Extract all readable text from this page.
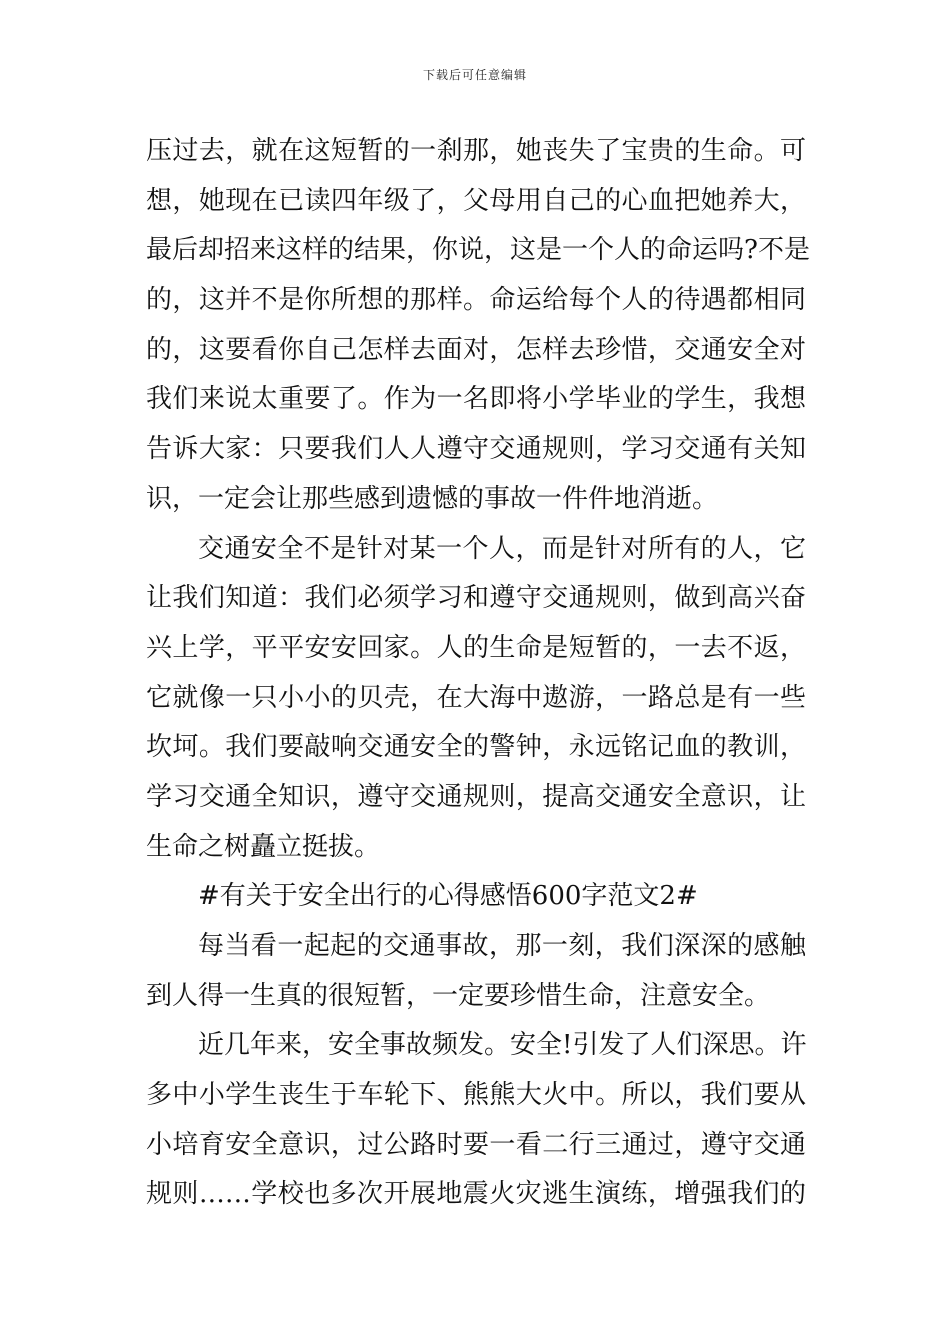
下载后可任意编辑
压过去，就在这短暂的一刹那，她丧失了宝贵的生命。可
想，她现在已读四年级了，父母用自己的心血把她养大，
最后却招来这样的结果，你说，这是一个人的命运吗?不是
的，这并不是你所想的那样。命运给每个人的待遇都相同
的，这要看你自己怎样去面对，怎样去珍惜，交通安全对
我们来说太重要了。作为一名即将小学毕业的学生，我想
告诉大家：只要我们人人遵守交通规则，学习交通有关知
识，一定会让那些感到遗憾的事故一件件地消逝。
交通安全不是针对某一个人，而是针对所有的人，它
让我们知道：我们必须学习和遵守交通规则，做到高兴奋
兴上学，平平安安回家。人的生命是短暂的，一去不返，
它就像一只小小的贝壳，在大海中遨游，一路总是有一些
坎坷。我们要敲响交通安全的警钟，永远铭记血的教训，
学习交通全知识，遵守交通规则，提高交通安全意识，让
生命之树矗立挺拔。
#有关于安全出行的心得感悟600字范文2#
每当看一起起的交通事故，那一刻，我们深深的感触
到人得一生真的很短暂，一定要珍惜生命，注意安全。
近几年来，安全事故频发。安全!引发了人们深思。许
多中小学生丧生于车轮下、熊熊大火中。所以，我们要从
小培育安全意识，过公路时要一看二行三通过，遵守交通
规则……学校也多次开展地震火灾逃生演练，增强我们的
